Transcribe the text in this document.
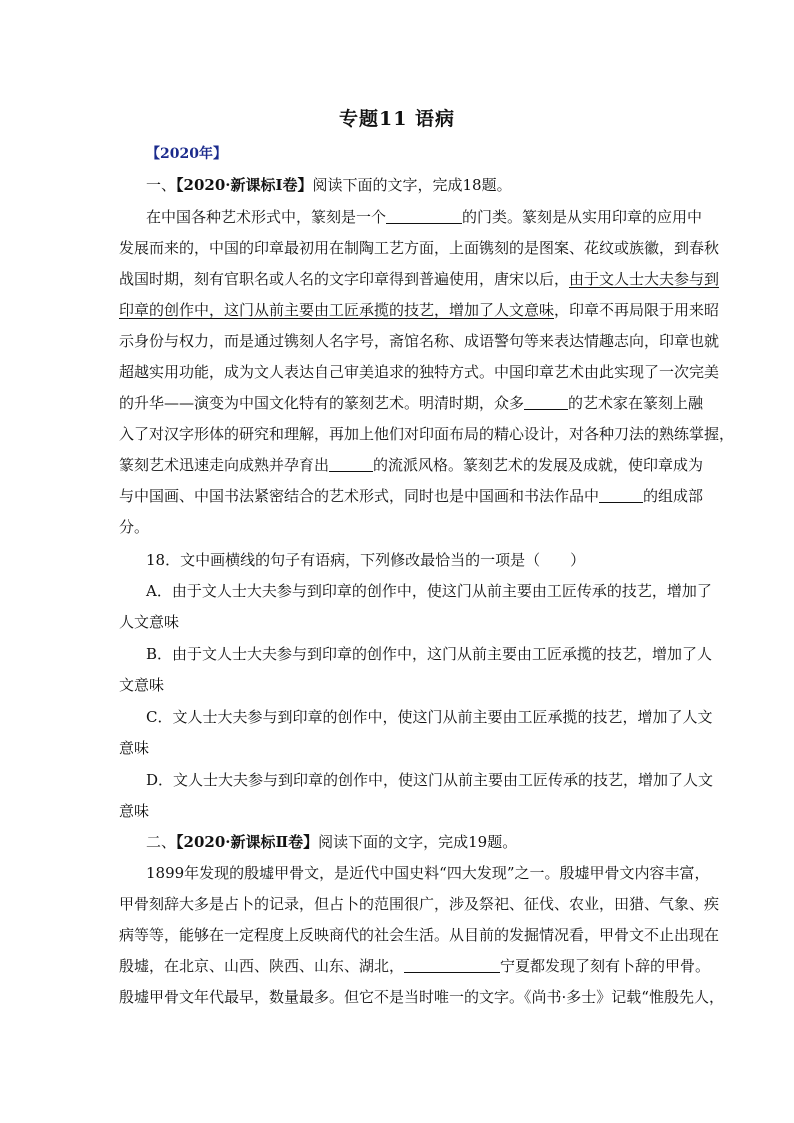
专题11 语病
【2020年】
一、【2020·新课标Ⅰ卷】阅读下面的文字，完成18题。
在中国各种艺术形式中，篆刻是一个	的门类。篆刻是从实用印章的应用中
发展而来的，中国的印章最初用在制陶工艺方面，上面镌刻的是图案、花纹或族徽，到春秋
战国时期，刻有官职名或人名的文字印章得到普遍使用，唐宋以后，由于文人士大夫参与到
印章的创作中，这门从前主要由工匠承揽的技艺，增加了人文意味，印章不再局限于用来昭
示身份与权力，而是通过镌刻人名字号，斋馆名称、成语警句等来表达情趣志向，印章也就
超越实用功能，成为文人表达自己审美追求的独特方式。中国印章艺术由此实现了一次完美
的升华——演变为中国文化特有的篆刻艺术。明清时期，众多	的艺术家在篆刻上融
入了对汉字形体的研究和理解，再加上他们对印面布局的精心设计，对各种刀法的熟练掌握，
篆刻艺术迅速走向成熟并孕育出	的流派风格。篆刻艺术的发展及成就，使印章成为
与中国画、中国书法紧密结合的艺术形式，同时也是中国画和书法作品中	的组成部
分。
18．文中画横线的句子有语病，下列修改最恰当的一项是（　　）
A．由于文人士大夫参与到印章的创作中，使这门从前主要由工匠传承的技艺，增加了
人文意味
B．由于文人士大夫参与到印章的创作中，这门从前主要由工匠承揽的技艺，增加了人
文意味
C．文人士大夫参与到印章的创作中，使这门从前主要由工匠承揽的技艺，增加了人文
意味
D．文人士大夫参与到印章的创作中，使这门从前主要由工匠传承的技艺，增加了人文
意味
二、【2020·新课标Ⅱ卷】阅读下面的文字，完成19题。
1899年发现的殷墟甲骨文，是近代中国史料“四大发现”之一。殷墟甲骨文内容丰富，
甲骨刻辞大多是占卜的记录，但占卜的范围很广，涉及祭祀、征伐、农业，田猎、气象、疾
病等等，能够在一定程度上反映商代的社会生活。从目前的发掘情况看，甲骨文不止出现在
殷墟，在北京、山西、陕西、山东、湖北，	宁夏都发现了刻有卜辞的甲骨。
殷墟甲骨文年代最早，数量最多。但它不是当时唯一的文字。《尚书·多士》记载“惟殷先人，
